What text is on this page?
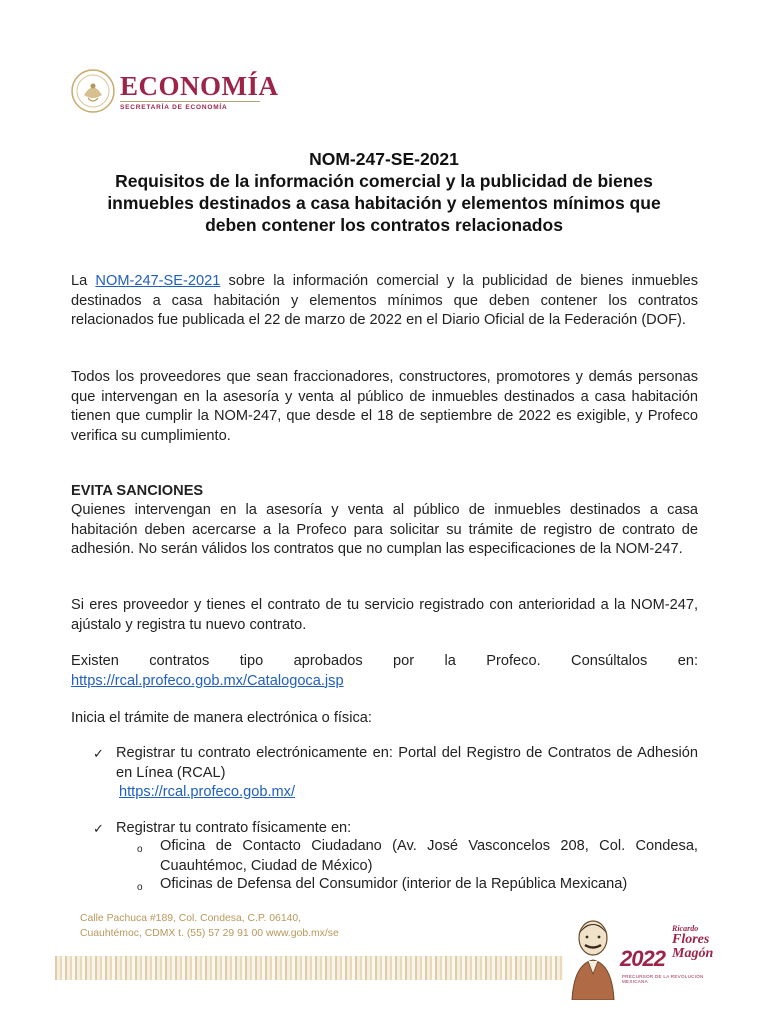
ECONOMÍA
SECRETARÍA DE ECONOMÍA
NOM-247-SE-2021
Requisitos de la información comercial y la publicidad de bienes
inmuebles destinados a casa habitación y elementos mínimos que
deben contener los contratos relacionados

La NOM-247-SE-2021 sobre la información comercial y la publicidad de bienes inmuebles destinados a casa habitación y elementos mínimos que deben contener los contratos relacionados fue publicada el 22 de marzo de 2022 en el Diario Oficial de la Federación (DOF).

Todos los proveedores que sean fraccionadores, constructores, promotores y demás personas que intervengan en la asesoría y venta al público de inmuebles destinados a casa habitación tienen que cumplir la NOM-247, que desde el 18 de septiembre de 2022 es exigible, y Profeco verifica su cumplimiento.

EVITA SANCIONES

Quienes intervengan en la asesoría y venta al público de inmuebles destinados a casa habitación deben acercarse a la Profeco para solicitar su trámite de registro de contrato de adhesión. No serán válidos los contratos que no cumplan las especificaciones de la NOM-247.

Si eres proveedor y tienes el contrato de tu servicio registrado con anterioridad a la NOM-247, ajústalo y registra tu nuevo contrato.

Existen contratos tipo aprobados por la Profeco. Consúltalos en:
https://rcal.profeco.gob.mx/Catalogoca.jsp

Inicia el trámite de manera electrónica o física:

✓ Registrar tu contrato electrónicamente en: Portal del Registro de Contratos de Adhesión en Línea (RCAL)
https://rcal.profeco.gob.mx/
✓ Registrar tu contrato físicamente en:
o Oficina de Contacto Ciudadano (Av. José Vasconcelos 208, Col. Condesa, Cuauhtémoc, Ciudad de México)
o Oficinas de Defensa del Consumidor (interior de la República Mexicana)
Calle Pachuca #189, Col. Condesa, C.P. 06140,
Cuauhtémoc, CDMX t. (55) 57 29 91 00 www.gob.mx/se
2022
Ricardo
Flores
Magón
PRECURSOR DE LA REVOLUCIÓN MEXICANA
